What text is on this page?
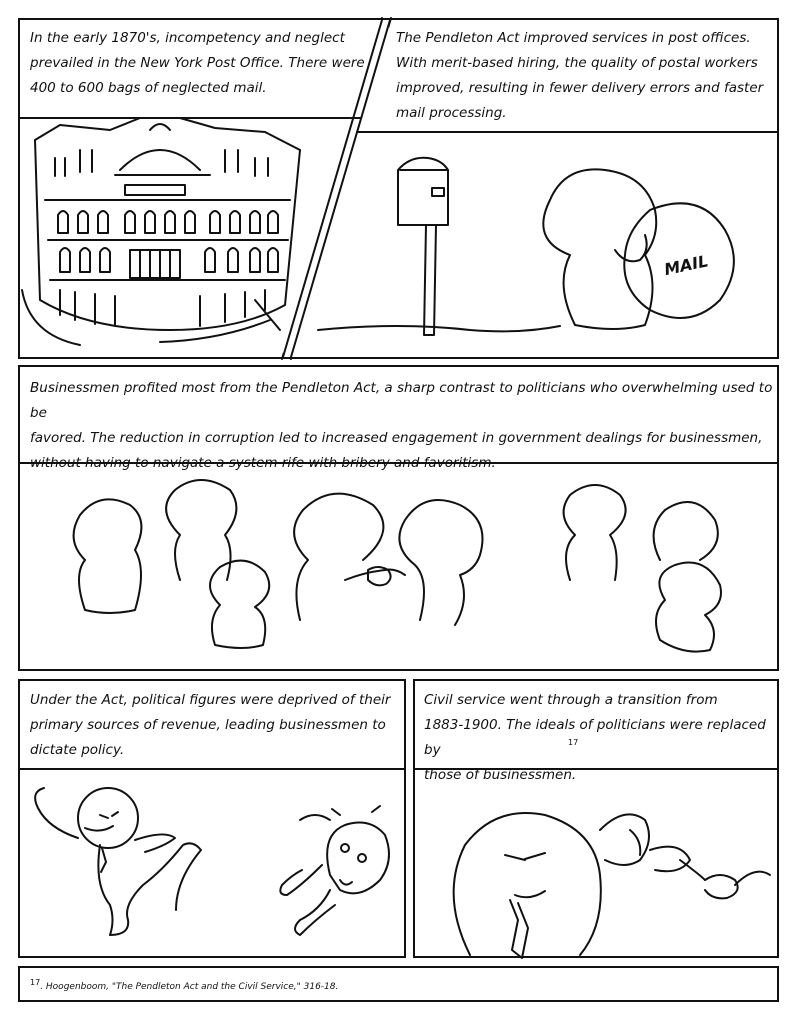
MAIL
In the early 1870's, incompetency and neglect
prevailed in the New York Post Office. There were
400 to 600 bags of neglected mail.
The Pendleton Act improved services in post offices.
With merit-based hiring, the quality of postal workers
improved, resulting in fewer delivery errors and faster
mail processing.
Businessmen profited most from the Pendleton Act, a sharp contrast to politicians who overwhelming used to be
favored. The reduction in corruption led to increased engagement in government dealings for businessmen,
without having to navigate a system rife with bribery and favoritism.
Under the Act, political figures were deprived of their
primary sources of revenue, leading businessmen to
dictate policy.
Civil service went through a transition from
1883-1900. The ideals of politicians were replaced by
those of businessmen.
17
17. Hoogenboom, "The Pendleton Act and the Civil Service," 316-18.
